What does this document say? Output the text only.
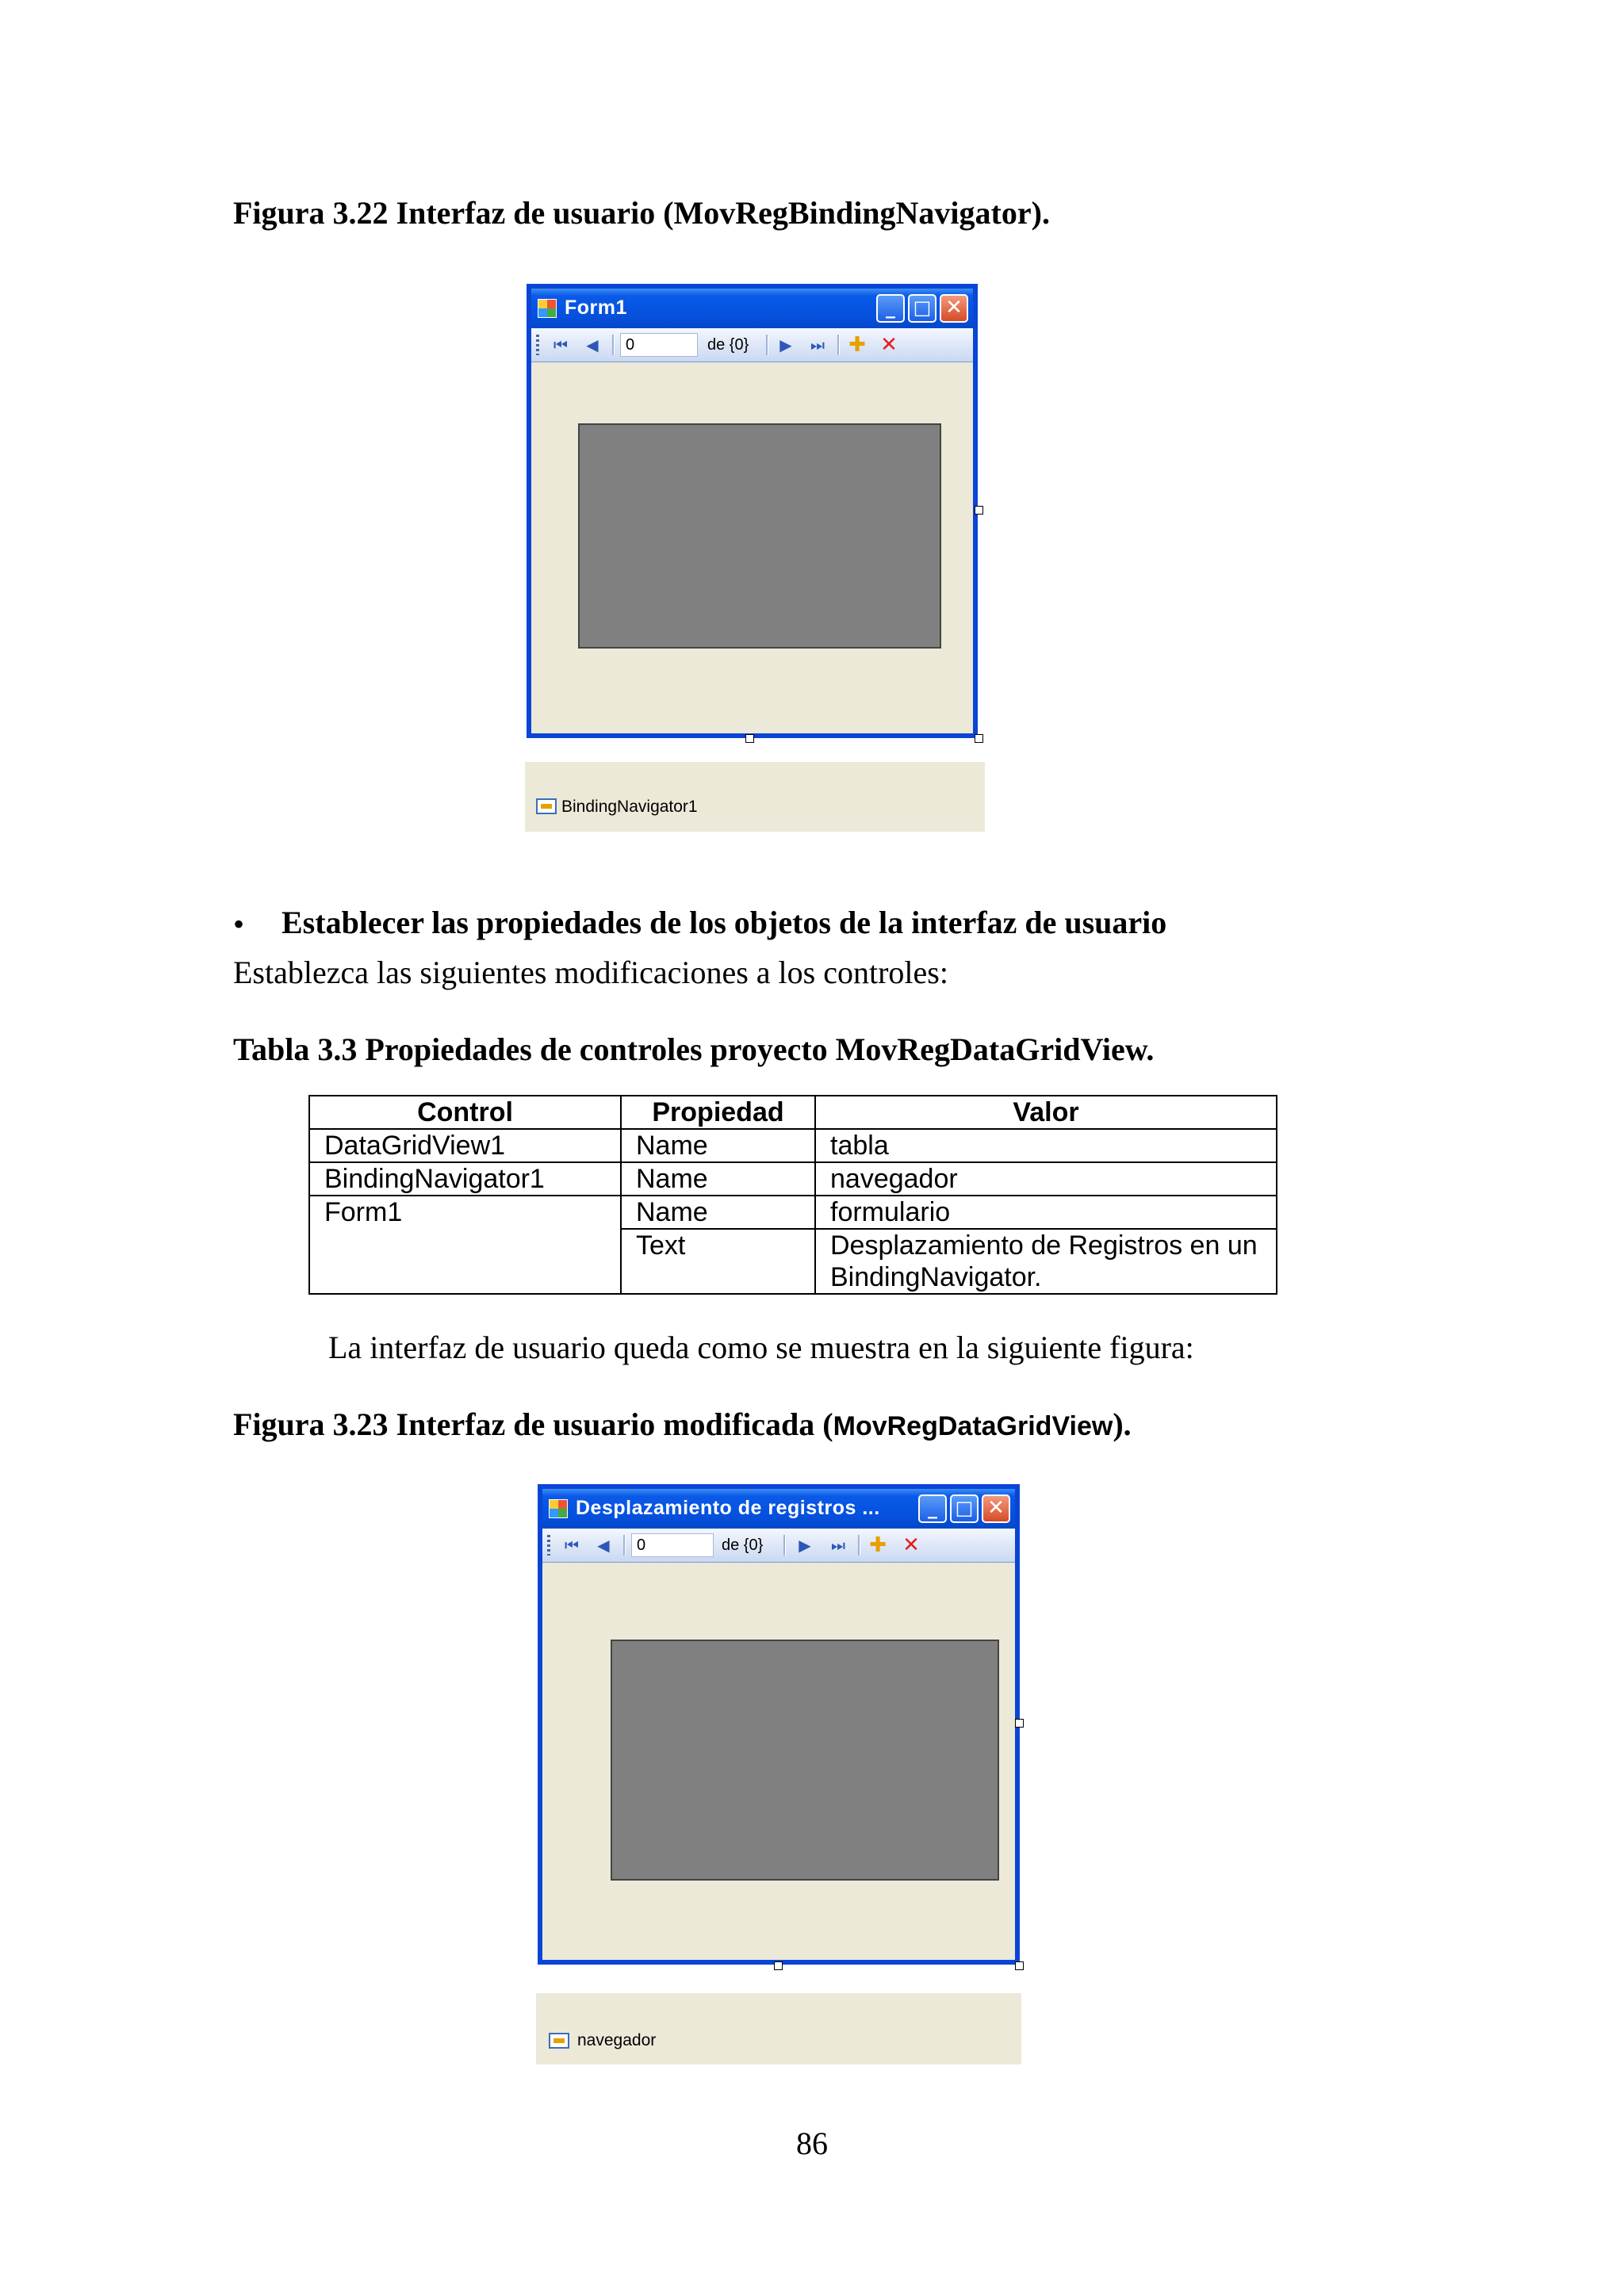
Figura 3.22 Interfaz de usuario (MovRegBindingNavigator).

Form1	_ □ ✕
⏮	◀	0	de {0}	▶	⏭ ✚ ✕
BindingNavigator1
• Establecer las propiedades de los objetos de la interfaz de usuario

Establezca las siguientes modificaciones a los controles:

Tabla 3.3 Propiedades de controles proyecto MovRegDataGridView.

Control	Propiedad	Valor
DataGridView1	Name	tabla
BindingNavigator1	Name	navegador
Form1	Name	formulario
	Text	Desplazamiento de Registros en un BindingNavigator.

La interfaz de usuario queda como se muestra en la siguiente figura:

Figura 3.23 Interfaz de usuario modificada (MovRegDataGridView).

Desplazamiento de registros ...	_ □ ✕
⏮	◀	0	de {0}	▶	⏭ ✚ ✕
navegador
86
